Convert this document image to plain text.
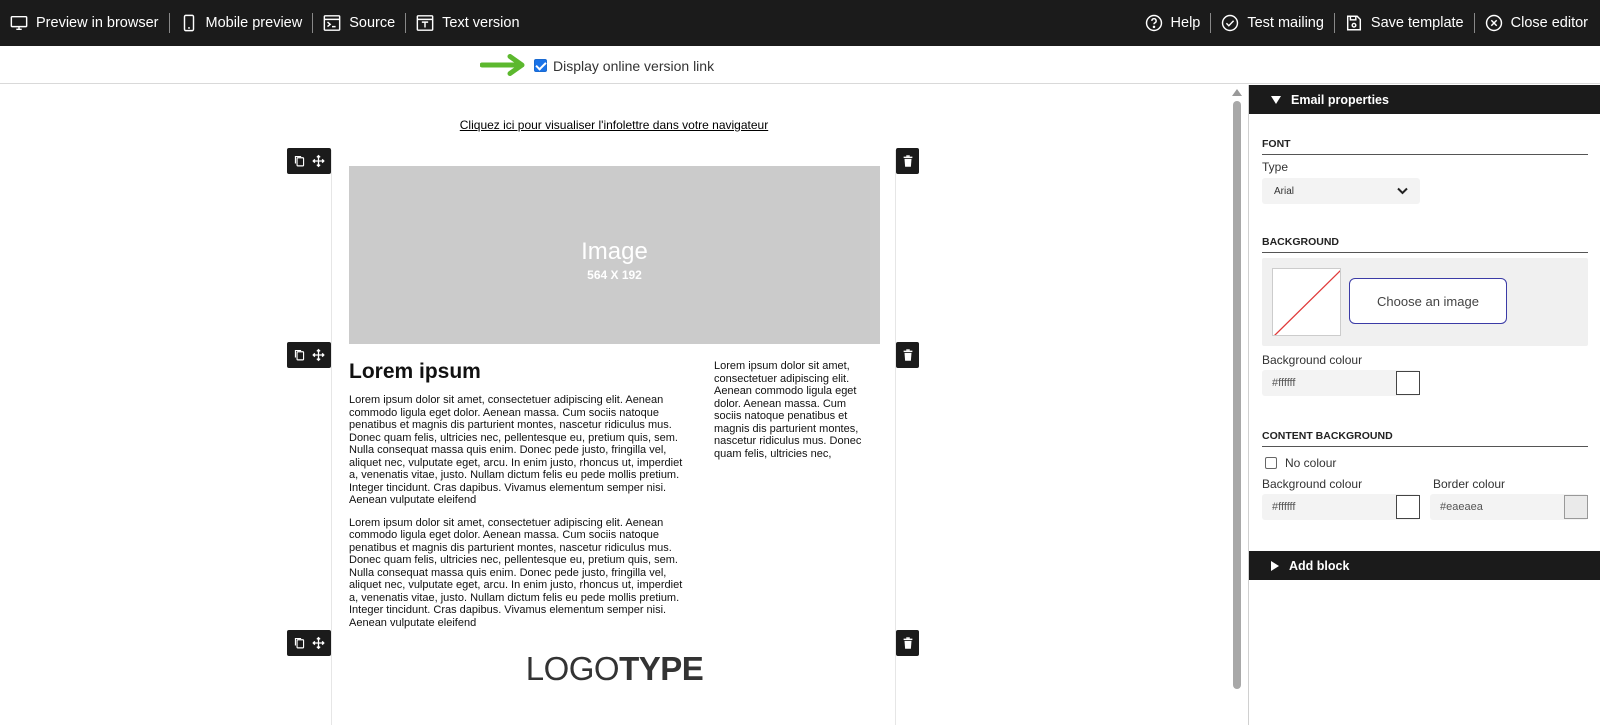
Preview in browser	Mobile preview	Source	Text version	Help	Test mailing	Save template	Close editor
Display online version link
Cliquez ici pour visualiser l'infolettre dans votre navigateur
Image
564 X 192
Lorem ipsum

Lorem ipsum dolor sit amet, consectetuer adipiscing elit. Aenean commodo ligula eget dolor. Aenean massa. Cum sociis natoque penatibus et magnis dis parturient montes, nascetur ridiculus mus. Donec quam felis, ultricies nec, pellentesque eu, pretium quis, sem. Nulla consequat massa quis enim. Donec pede justo, fringilla vel, aliquet nec, vulputate eget, arcu. In enim justo, rhoncus ut, imperdiet a, venenatis vitae, justo. Nullam dictum felis eu pede mollis pretium. Integer tincidunt. Cras dapibus. Vivamus elementum semper nisi. Aenean vulputate eleifend

Lorem ipsum dolor sit amet, consectetuer adipiscing elit. Aenean commodo ligula eget dolor. Aenean massa. Cum sociis natoque penatibus et magnis dis parturient montes, nascetur ridiculus mus. Donec quam felis, ultricies nec, pellentesque eu, pretium quis, sem. Nulla consequat massa quis enim. Donec pede justo, fringilla vel, aliquet nec, vulputate eget, arcu. In enim justo, rhoncus ut, imperdiet a, venenatis vitae, justo. Nullam dictum felis eu pede mollis pretium. Integer tincidunt. Cras dapibus. Vivamus elementum semper nisi. Aenean vulputate eleifend

Lorem ipsum dolor sit amet, consectetuer adipiscing elit. Aenean commodo ligula eget dolor. Aenean massa. Cum sociis natoque penatibus et magnis dis parturient montes, nascetur ridiculus mus. Donec quam felis, ultricies nec,
LOGOTYPE
Email properties
FONT
Type
Arial
BACKGROUND
Choose an image
Background colour
#ffffff
CONTENT BACKGROUND
No colour
Background colour
#ffffff
Border colour
#eaeaea
Add block
